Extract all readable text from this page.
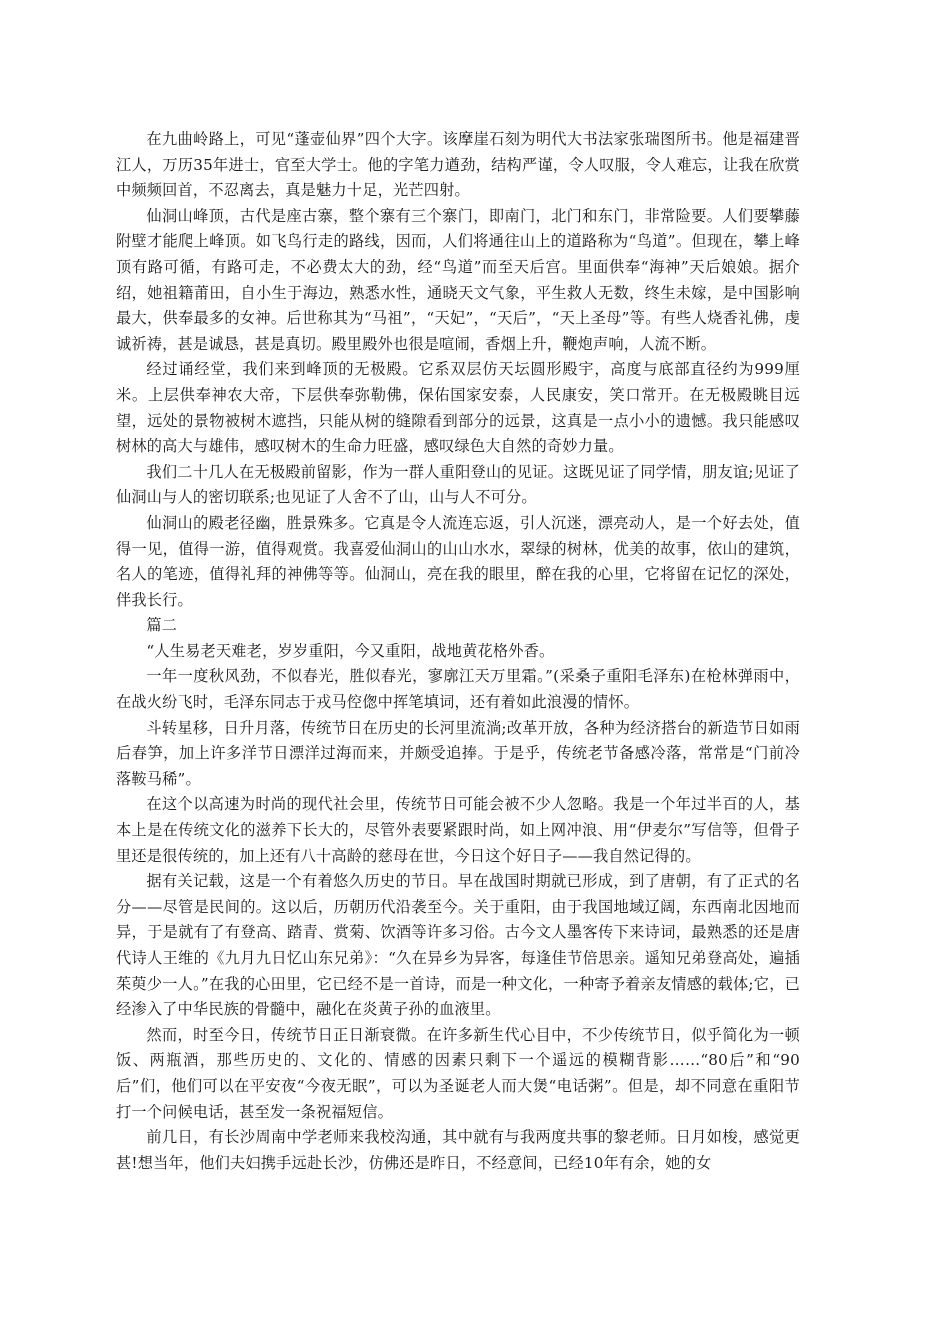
在九曲岭路上，可见“蓬壶仙界”四个大字。该摩崖石刻为明代大书法家张瑞图所书。他是福建晋江人，万历35年进士，官至大学士。他的字笔力遒劲，结构严谨，令人叹服，令人难忘，让我在欣赏中频频回首，不忍离去，真是魅力十足，光芒四射。

仙洞山峰顶，古代是座古寨，整个寨有三个寨门，即南门，北门和东门，非常险要。人们要攀藤附壁才能爬上峰顶。如飞鸟行走的路线，因而，人们将通往山上的道路称为“鸟道”。但现在，攀上峰顶有路可循，有路可走，不必费太大的劲，经“鸟道”而至天后宫。里面供奉“海神”天后娘娘。据介绍，她祖籍莆田，自小生于海边，熟悉水性，通晓天文气象，平生救人无数，终生未嫁，是中国影响最大，供奉最多的女神。后世称其为“马祖”，“天妃”，“天后”，“天上圣母”等。有些人烧香礼佛，虔诚祈祷，甚是诚恳，甚是真切。殿里殿外也很是喧闹，香烟上升，鞭炮声响，人流不断。

经过诵经堂，我们来到峰顶的无极殿。它系双层仿天坛圆形殿宇，高度与底部直径约为999厘米。上层供奉神农大帝，下层供奉弥勒佛，保佑国家安泰，人民康安，笑口常开。在无极殿眺目远望，远处的景物被树木遮挡，只能从树的缝隙看到部分的远景，这真是一点小小的遗憾。我只能感叹树林的高大与雄伟，感叹树木的生命力旺盛，感叹绿色大自然的奇妙力量。

我们二十几人在无极殿前留影，作为一群人重阳登山的见证。这既见证了同学情，朋友谊;见证了仙洞山与人的密切联系;也见证了人舍不了山，山与人不可分。

仙洞山的殿老径幽，胜景殊多。它真是令人流连忘返，引人沉迷，漂亮动人，是一个好去处，值得一见，值得一游，值得观赏。我喜爱仙洞山的山山水水，翠绿的树林，优美的故事，依山的建筑，名人的笔迹，值得礼拜的神佛等等。仙洞山，亮在我的眼里，醉在我的心里，它将留在记忆的深处，伴我长行。

篇二

“人生易老天难老，岁岁重阳，今又重阳，战地黄花格外香。

一年一度秋风劲，不似春光，胜似春光，寥廓江天万里霜。”(采桑子重阳毛泽东)在枪林弹雨中，在战火纷飞时，毛泽东同志于戎马倥偬中挥笔填词，还有着如此浪漫的情怀。

斗转星移，日升月落，传统节日在历史的长河里流淌;改革开放，各种为经济搭台的新造节日如雨后春笋，加上许多洋节日漂洋过海而来，并颇受追捧。于是乎，传统老节备感冷落，常常是“门前冷落鞍马稀”。

在这个以高速为时尚的现代社会里，传统节日可能会被不少人忽略。我是一个年过半百的人，基本上是在传统文化的滋养下长大的，尽管外表要紧跟时尚，如上网冲浪、用“伊麦尔”写信等，但骨子里还是很传统的，加上还有八十高龄的慈母在世，今日这个好日子——我自然记得的。

据有关记载，这是一个有着悠久历史的节日。早在战国时期就已形成，到了唐朝，有了正式的名分——尽管是民间的。这以后，历朝历代沿袭至今。关于重阳，由于我国地域辽阔，东西南北因地而异，于是就有了有登高、踏青、赏菊、饮酒等许多习俗。古今文人墨客传下来诗词，最熟悉的还是唐代诗人王维的《九月九日忆山东兄弟》：“久在异乡为异客，每逢佳节倍思亲。遥知兄弟登高处，遍插茱萸少一人。”在我的心田里，它已经不是一首诗，而是一种文化，一种寄予着亲友情感的载体;它，已经渗入了中华民族的骨髓中，融化在炎黄子孙的血液里。

然而，时至今日，传统节日正日渐衰微。在许多新生代心目中，不少传统节日，似乎简化为一顿饭、两瓶酒，那些历史的、文化的、情感的因素只剩下一个遥远的模糊背影……“80后”和“90后”们，他们可以在平安夜“今夜无眠”，可以为圣诞老人而大煲“电话粥”。但是，却不同意在重阳节打一个问候电话，甚至发一条祝福短信。

前几日，有长沙周南中学老师来我校沟通，其中就有与我两度共事的黎老师。日月如梭，感觉更甚!想当年，他们夫妇携手远赴长沙，仿佛还是昨日，不经意间，已经10年有余，她的女
